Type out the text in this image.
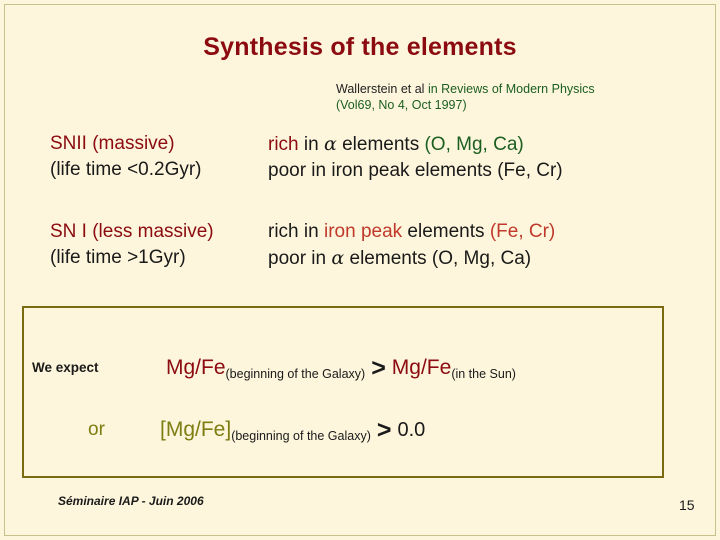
Synthesis of the elements
Wallerstein et al in Reviews of Modern Physics
(Vol69, No 4, Oct 1997)
SNII (massive)
(life time <0.2Gyr)
rich in α elements (O, Mg, Ca)
poor in iron peak elements (Fe, Cr)
SN I (less massive)
(life time >1Gyr)
rich in iron peak elements (Fe, Cr)
poor in α elements (O, Mg, Ca)
We expect
or
Mg/Fe(beginning of the Galaxy) > Mg/Fe(in the Sun)
[Mg/Fe](beginning of the Galaxy) > 0.0
Séminaire IAP - Juin 2006	15
